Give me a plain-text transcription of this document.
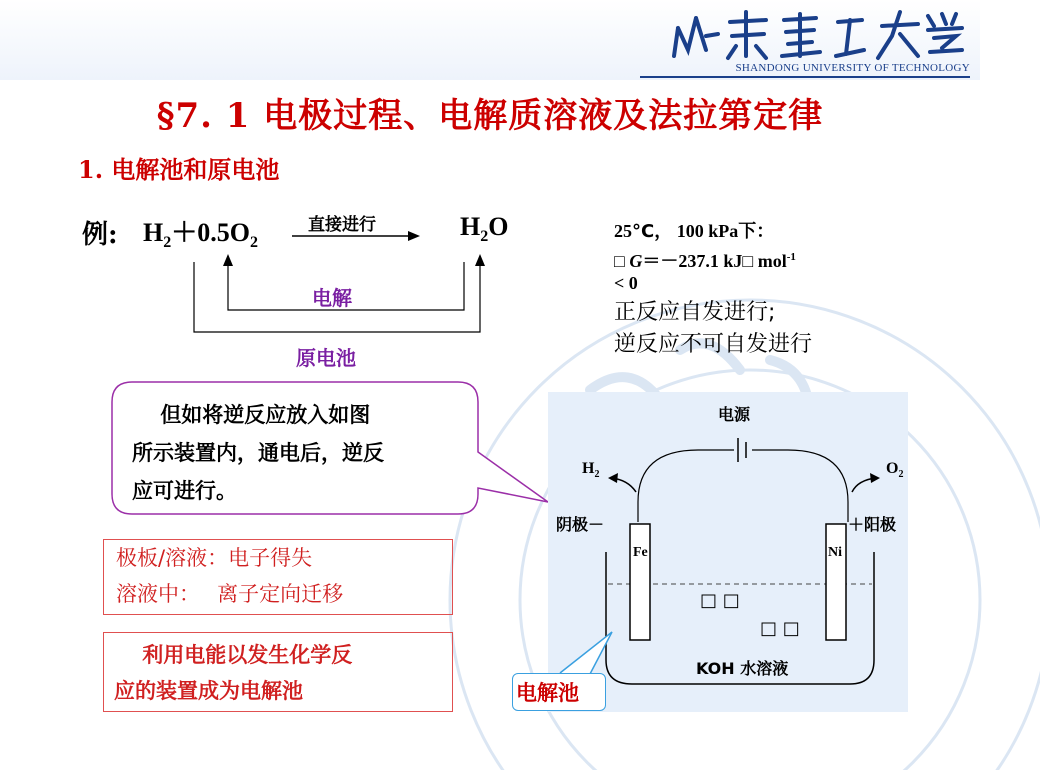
SHANDONG UNIVERSITY OF TECHNOLOGY
§7. 1 电极过程、电解质溶液及法拉第定律
1. 电解池和原电池
例: $H_2+0.5O_2$
直接进行	$H_2O$
电解
原电池
25°C， 100 kPa下：
□ G＝－237.1 kJ□ mol$^{-1}$
< 0
正反应自发进行;
逆反应不可自发进行
　 但如将逆反应放入如图
所示装置内，通电后，逆反
应可进行。
极板/溶液：电子得失
溶液中：　 离子定向迁移
　 利用电能以发生化学反
应的装置成为电解池
电源
$H_2$	$O_2$
阴极－	＋阳极
Fe	Ni
□ □
□ □
KOH 水溶液
电解池
